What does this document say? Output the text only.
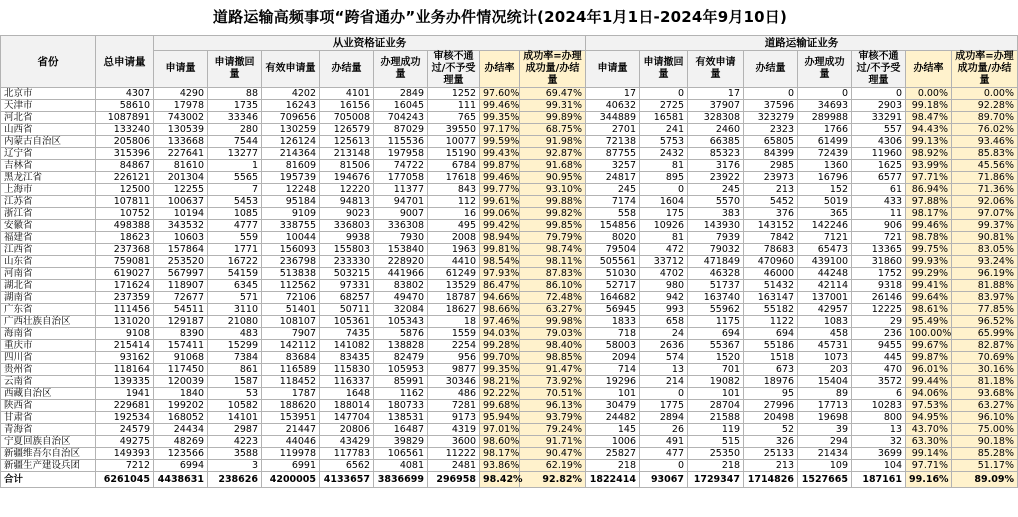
道路运输高频事项“跨省通办”业务办件情况统计(2024年1月1日-2024年9月10日)
省份	总申请量	从业资格证业务								道路运输证业务							
		申请量	申请撤回量	有效申请量	办结量	办理成功量	审核不通过/不予受理量	办结率	成功率=办理成功量/办结量	申请量	申请撤回量	有效申请量	办结量	办理成功量	审核不通过/不予受理量	办结率	成功率=办理成功量/办结量
北京市	4307	4290	88	4202	4101	2849	1252	97.60%	69.47%	17	0	17	0	0	0	0.00%	0.00%
天津市	58610	17978	1735	16243	16156	16045	111	99.46%	99.31%	40632	2725	37907	37596	34693	2903	99.18%	92.28%
河北省	1087891	743002	33346	709656	705008	704243	765	99.35%	99.89%	344889	16581	328308	323279	289988	33291	98.47%	89.70%
山西省	133240	130539	280	130259	126579	87029	39550	97.17%	68.75%	2701	241	2460	2323	1766	557	94.43%	76.02%
内蒙古自治区	205806	133668	7544	126124	125613	115536	10077	99.59%	91.98%	72138	5753	66385	65805	61499	4306	99.13%	93.46%
辽宁省	315396	227641	13277	214364	213148	197958	15190	99.43%	92.87%	87755	2432	85323	84399	72439	11960	98.92%	85.83%
吉林省	84867	81610	1	81609	81506	74722	6784	99.87%	91.68%	3257	81	3176	2985	1360	1625	93.99%	45.56%
黑龙江省	226121	201304	5565	195739	194676	177058	17618	99.46%	90.95%	24817	895	23922	23973	16796	6577	97.71%	71.86%
上海市	12500	12255	7	12248	12220	11377	843	99.77%	93.10%	245	0	245	213	152	61	86.94%	71.36%
江苏省	107811	100637	5453	95184	94813	94701	112	99.61%	99.88%	7174	1604	5570	5452	5019	433	97.88%	92.06%
浙江省	10752	10194	1085	9109	9023	9007	16	99.06%	99.82%	558	175	383	376	365	11	98.17%	97.07%
安徽省	498388	343532	4777	338755	336803	336308	495	99.42%	99.85%	154856	10926	143930	143152	142246	906	99.46%	99.37%
福建省	18623	10603	559	10044	9938	7930	2008	98.94%	79.79%	8020	81	7939	7842	7121	721	98.78%	90.81%
江西省	237368	157864	1771	156093	155803	153840	1963	99.81%	98.74%	79504	472	79032	78683	65473	13365	99.75%	83.05%
山东省	759081	253520	16722	236798	233330	228920	4410	98.54%	98.11%	505561	33712	471849	470960	439100	31860	99.93%	93.24%
河南省	619027	567997	54159	513838	503215	441966	61249	97.93%	87.83%	51030	4702	46328	46000	44248	1752	99.29%	96.19%
湖北省	171624	118907	6345	112562	97331	83802	13529	86.47%	86.10%	52717	980	51737	51432	42114	9318	99.41%	81.88%
湖南省	237359	72677	571	72106	68257	49470	18787	94.66%	72.48%	164682	942	163740	163147	137001	26146	99.64%	83.97%
广东省	111456	54511	3110	51401	50711	32084	18627	98.66%	63.27%	56945	993	55962	55182	42957	12225	98.61%	77.85%
广西壮族自治区	131020	129187	21080	108107	105361	105343	18	97.46%	99.98%	1833	658	1175	1122	1083	29	95.49%	96.52%
海南省	9108	8390	483	7907	7435	5876	1559	94.03%	79.03%	718	24	694	694	458	236	100.00%	65.99%
重庆市	215414	157411	15299	142112	141082	138828	2254	99.28%	98.40%	58003	2636	55367	55186	45731	9455	99.67%	82.87%
四川省	93162	91068	7384	83684	83435	82479	956	99.70%	98.85%	2094	574	1520	1518	1073	445	99.87%	70.69%
贵州省	118164	117450	861	116589	115830	105953	9877	99.35%	91.47%	714	13	701	673	203	470	96.01%	30.16%
云南省	139335	120039	1587	118452	116337	85991	30346	98.21%	73.92%	19296	214	19082	18976	15404	3572	99.44%	81.18%
西藏自治区	1941	1840	53	1787	1648	1162	486	92.22%	70.51%	101	0	101	95	89	6	94.06%	93.68%
陕西省	229681	199202	10582	188620	188014	180733	7281	99.68%	96.13%	30479	1775	28704	27996	17713	10283	97.53%	63.27%
甘肃省	192534	168052	14101	153951	147704	138531	9173	95.94%	93.79%	24482	2894	21588	20498	19698	800	94.95%	96.10%
青海省	24579	24434	2987	21447	20806	16487	4319	97.01%	79.24%	145	26	119	52	39	13	43.70%	75.00%
宁夏回族自治区	49275	48269	4223	44046	43429	39829	3600	98.60%	91.71%	1006	491	515	326	294	32	63.30%	90.18%
新疆维吾尔自治区	149393	123566	3588	119978	117783	106561	11222	98.17%	90.47%	25827	477	25350	25133	21434	3699	99.14%	85.28%
新疆生产建设兵团	7212	6994	3	6991	6562	4081	2481	93.86%	62.19%	218	0	218	213	109	104	97.71%	51.17%
合计	6261045	4438631	238626	4200005	4133657	3836699	296958	98.42%	92.82%	1822414	93067	1729347	1714826	1527665	187161	99.16%	89.09%
